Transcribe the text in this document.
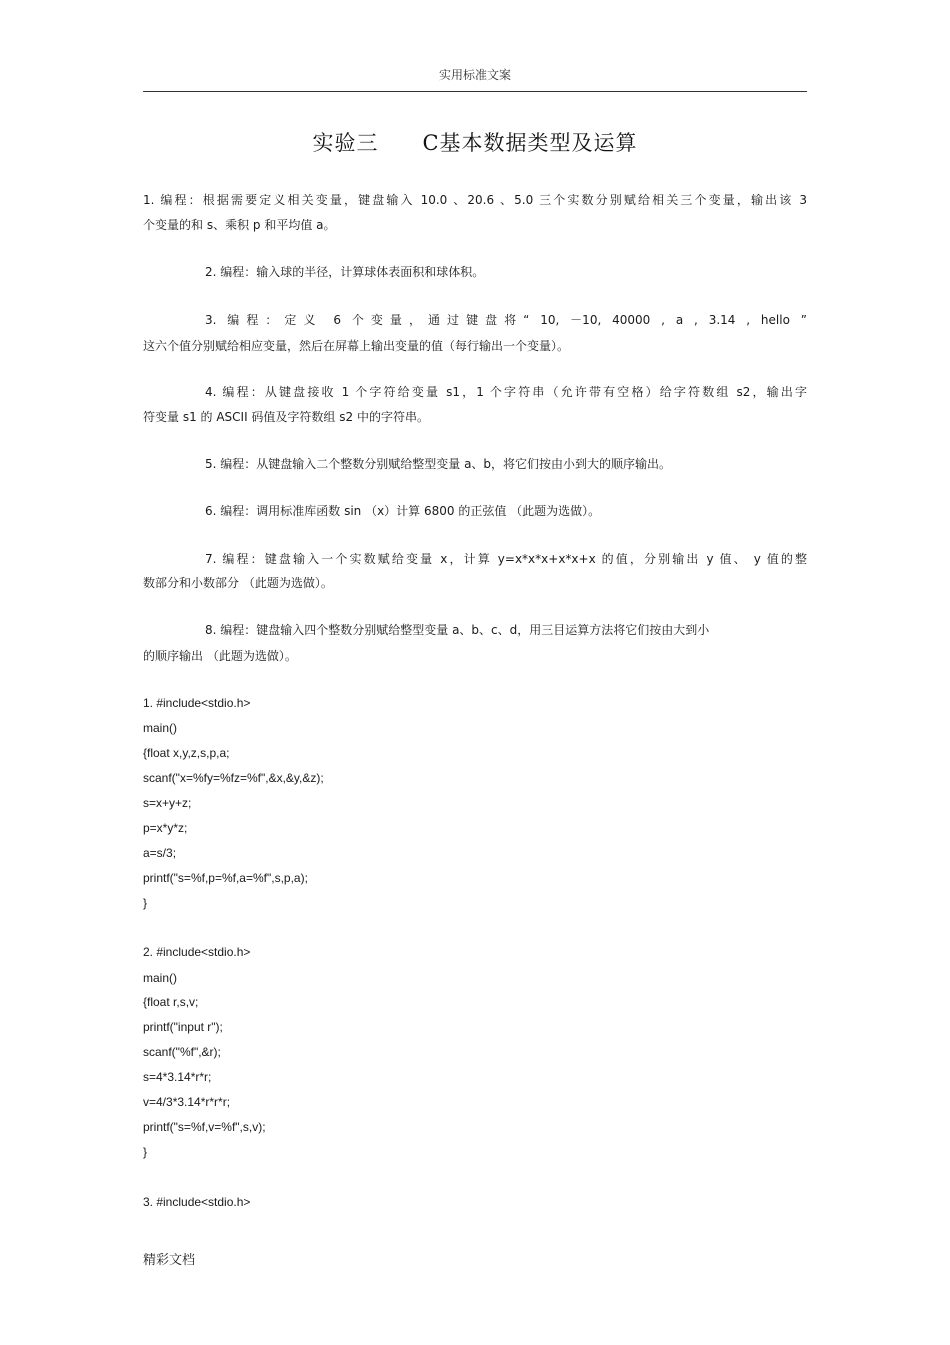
实用标准文案
实验三　　C基本数据类型及运算
1. 编程：根据需要定义相关变量，键盘输入 10.0 、20.6 、5.0 三个实数分别赋给相关三个变量，输出该 3
个变量的和 s、乘积 p 和平均值 a。
2. 编程：输入球的半径，计算球体表面积和球体积。
3. 编程：定义 6 个变量，通过键盘将“ 10, －10, 40000 , a , 3.14 , hello ”
这六个值分别赋给相应变量，然后在屏幕上输出变量的值（每行输出一个变量）。
4. 编程：从键盘接收 1 个字符给变量 s1，1 个字符串（允许带有空格）给字符数组 s2，输出字
符变量 s1 的 ASCII 码值及字符数组 s2 中的字符串。
5. 编程：从键盘输入二个整数分别赋给整型变量 a、b，将它们按由小到大的顺序输出。
6. 编程：调用标准库函数 sin （x）计算 6800 的正弦值 （此题为选做）。
7. 编程：键盘输入一个实数赋给变量 x，计算 y=x*x*x+x*x+x 的值，分别输出 y 值、 y 值的整
数部分和小数部分 （此题为选做）。
8. 编程：键盘输入四个整数分别赋给整型变量 a、b、c、d，用三目运算方法将它们按由大到小
的顺序输出 （此题为选做）。
1. #include<stdio.h>
main()
{float x,y,z,s,p,a;
scanf("x=%fy=%fz=%f",&x,&y,&z);
s=x+y+z;
p=x*y*z;
a=s/3;
printf("s=%f,p=%f,a=%f",s,p,a);
}
2. #include<stdio.h>
main()
{float r,s,v;
printf("input r");
scanf("%f",&r);
s=4*3.14*r*r;
v=4/3*3.14*r*r*r;
printf("s=%f,v=%f",s,v);
}
3. #include<stdio.h>
精彩文档
